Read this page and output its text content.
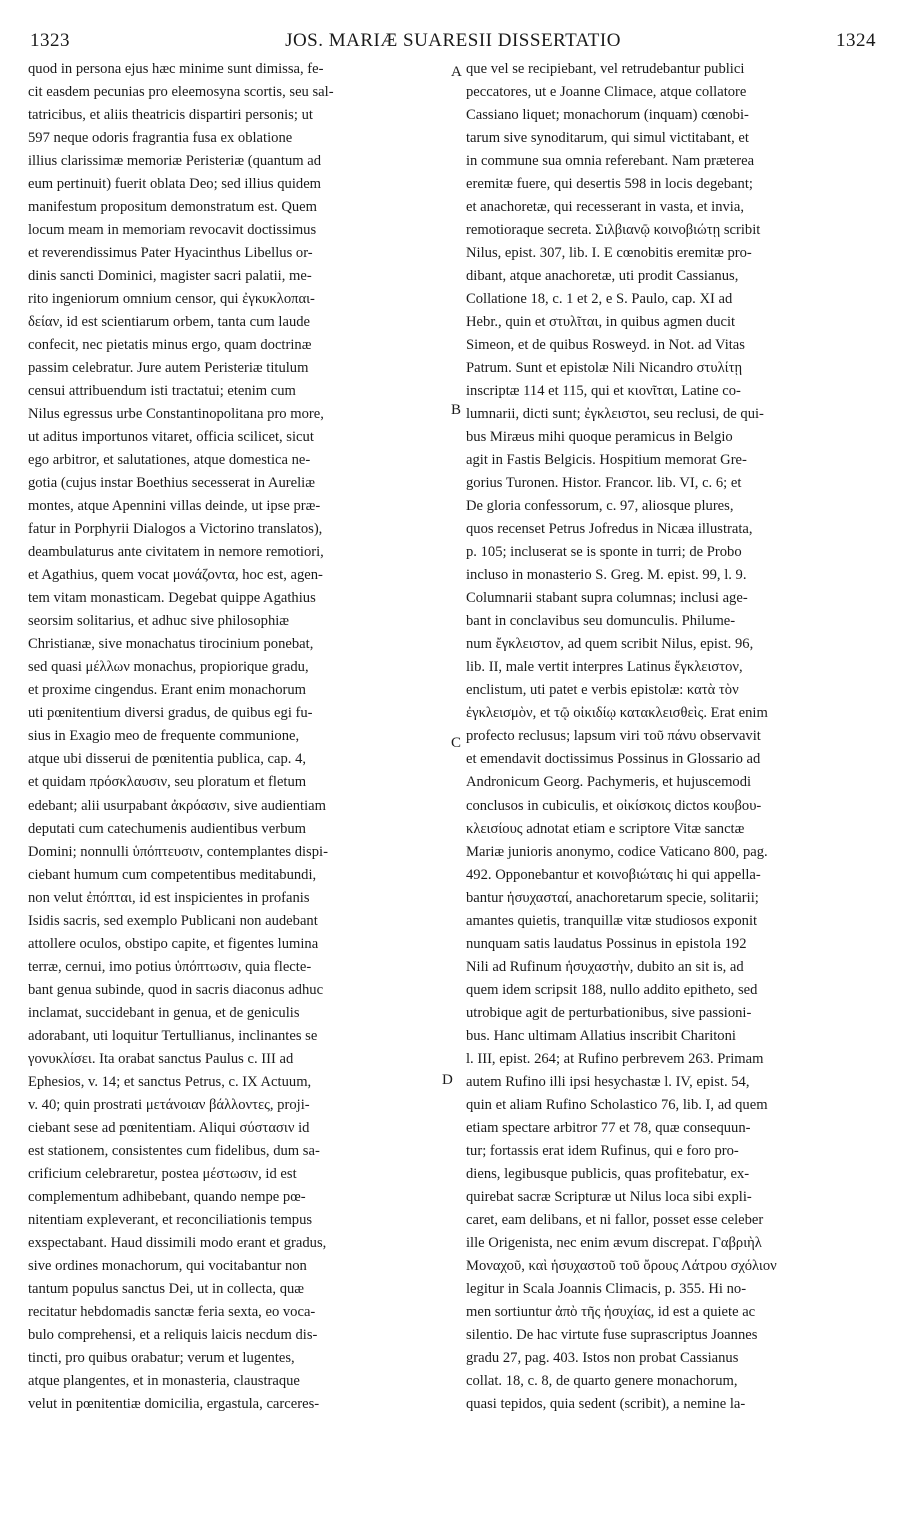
1323	JOS. MARIÆ SUARESII DISSERTATIO	1324
A
B
C
D
quod in persona ejus hæc minime sunt dimissa, fe-
cit easdem pecunias pro eleemosyna scortis, seu sal-
tatricibus, et aliis theatricis dispartiri personis; ut
597 neque odoris fragrantia fusa ex oblatione
illius clarissimæ memoriæ Peristeriæ (quantum ad
eum pertinuit) fuerit oblata Deo; sed illius quidem
manifestum propositum demonstratum est. Quem
locum meam in memoriam revocavit doctissimus
et reverendissimus Pater Hyacinthus Libellus or-
dinis sancti Dominici, magister sacri palatii, me-
rito ingeniorum omnium censor, qui ἐγκυκλοπαι-
δείαν, id est scientiarum orbem, tanta cum laude
confecit, nec pietatis minus ergo, quam doctrinæ
passim celebratur. Jure autem Peristeriæ titulum
censui attribuendum isti tractatui; etenim cum
Nilus egressus urbe Constantinopolitana pro more,
ut aditus importunos vitaret, officia scilicet, sicut
ego arbitror, et salutationes, atque domestica ne-
gotia (cujus instar Boethius secesserat in Aureliæ
montes, atque Apennini villas deinde, ut ipse præ-
fatur in Porphyrii Dialogos a Victorino translatos),
deambulaturus ante civitatem in nemore remotiori,
et Agathius, quem vocat μονάζοντα, hoc est, agen-
tem vitam monasticam. Degebat quippe Agathius
seorsim solitarius, et adhuc sive philosophiæ
Christianæ, sive monachatus tirocinium ponebat,
sed quasi μέλλων monachus, propiorique gradu,
et proxime cingendus. Erant enim monachorum
uti pœnitentium diversi gradus, de quibus egi fu-
sius in Exagio meo de frequente communione,
atque ubi disserui de pœnitentia publica, cap. 4,
et quidam πρόσκλαυσιν, seu ploratum et fletum
edebant; alii usurpabant ἀκρόασιν, sive audientiam
deputati cum catechumenis audientibus verbum
Domini; nonnulli ὑπόπτευσιν, contemplantes dispi-
ciebant humum cum competentibus meditabundi,
non velut ἐπόπται, id est inspicientes in profanis
Isidis sacris, sed exemplo Publicani non audebant
attollere oculos, obstipo capite, et figentes lumina
terræ, cernui, imo potius ὑπόπτωσιν, quia flecte-
bant genua subinde, quod in sacris diaconus adhuc
inclamat, succidebant in genua, et de geniculis
adorabant, uti loquitur Tertullianus, inclinantes se
γονυκλίσει. Ita orabat sanctus Paulus c. III ad
Ephesios, v. 14; et sanctus Petrus, c. IX Actuum,
v. 40; quin prostrati μετάνοιαν βάλλοντες, proji-
ciebant sese ad pœnitentiam. Aliqui σύστασιν id
est stationem, consistentes cum fidelibus, dum sa-
crificium celebraretur, postea μέστωσιν, id est
complementum adhibebant, quando nempe pœ-
nitentiam expleverant, et reconciliationis tempus
exspectabant. Haud dissimili modo erant et gradus,
sive ordines monachorum, qui vocitabantur non
tantum populus sanctus Dei, ut in collecta, quæ
recitatur hebdomadis sanctæ feria sexta, eo voca-
bulo comprehensi, et a reliquis laicis necdum dis-
tincti, pro quibus orabatur; verum et lugentes,
atque plangentes, et in monasteria, claustraque
velut in pœnitentiæ domicilia, ergastula, carceres-
que vel se recipiebant, vel retrudebantur publici
peccatores, ut e Joanne Climace, atque collatore
Cassiano liquet; monachorum (inquam) cœnobi-
tarum sive synoditarum, qui simul victitabant, et
in commune sua omnia referebant. Nam præterea
eremitæ fuere, qui desertis 598 in locis degebant;
et anachoretæ, qui recesserant in vasta, et invia,
remotioraque secreta. Σιλβιανῷ κοινοβιώτῃ scribit
Nilus, epist. 307, lib. I. E cœnobitis eremitæ pro-
dibant, atque anachoretæ, uti prodit Cassianus,
Collatione 18, c. 1 et 2, e S. Paulo, cap. XI ad
Hebr., quin et στυλῖται, in quibus agmen ducit
Simeon, et de quibus Rosweyd. in Not. ad Vitas
Patrum. Sunt et epistolæ Nili Nicandro στυλίτῃ
inscriptæ 114 et 115, qui et κιονῖται, Latine co-
lumnarii, dicti sunt; ἐγκλειστοι, seu reclusi, de qui-
bus Miræus mihi quoque peramicus in Belgio
agit in Fastis Belgicis. Hospitium memorat Gre-
gorius Turonen. Histor. Francor. lib. VI, c. 6; et
De gloria confessorum, c. 97, aliosque plures,
quos recenset Petrus Jofredus in Nicæa illustrata,
p. 105; incluserat se is sponte in turri; de Probo
incluso in monasterio S. Greg. M. epist. 99, l. 9.
Columnarii stabant supra columnas; inclusi age-
bant in conclavibus seu domunculis. Philume-
num ἔγκλειστον, ad quem scribit Nilus, epist. 96,
lib. II, male vertit interpres Latinus ἔγκλειστον,
enclistum, uti patet e verbis epistolæ: κατὰ τὸν
ἐγκλεισμὸν, et τῷ οἰκιδίῳ κατακλεισθεὶς. Erat enim
profecto reclusus; lapsum viri τοῦ πάνυ observavit
et emendavit doctissimus Possinus in Glossario ad
Andronicum Georg. Pachymeris, et hujuscemodi
conclusos in cubiculis, et οἰκίσκοις dictos κουβου-
κλεισίους adnotat etiam e scriptore Vitæ sanctæ
Mariæ junioris anonymo, codice Vaticano 800, pag.
492. Opponebantur et κοινοβιώταις hi qui appella-
bantur ἡσυχασταί, anachoretarum specie, solitarii;
amantes quietis, tranquillæ vitæ studiosos exponit
nunquam satis laudatus Possinus in epistola 192
Nili ad Rufinum ἡσυχαστὴν, dubito an sit is, ad
quem idem scripsit 188, nullo addito epitheto, sed
utrobique agit de perturbationibus, sive passioni-
bus. Hanc ultimam Allatius inscribit Charitoni
l. III, epist. 264; at Rufino perbrevem 263. Primam
autem Rufino illi ipsi hesychastæ l. IV, epist. 54,
quin et aliam Rufino Scholastico 76, lib. I, ad quem
etiam spectare arbitror 77 et 78, quæ consequun-
tur; fortassis erat idem Rufinus, qui e foro pro-
diens, legibusque publicis, quas profitebatur, ex-
quirebat sacræ Scripturæ ut Nilus loca sibi expli-
caret, eam delibans, et ni fallor, posset esse celeber
ille Origenista, nec enim ævum discrepat. Γαβριὴλ
Μοναχοῦ, καὶ ἡσυχαστοῦ τοῦ ὄρους Λάτρου σχόλιον
legitur in Scala Joannis Climacis, p. 355. Hi no-
men sortiuntur ἀπὸ τῆς ἡσυχίας, id est a quiete ac
silentio. De hac virtute fuse suprascriptus Joannes
gradu 27, pag. 403. Istos non probat Cassianus
collat. 18, c. 8, de quarto genere monachorum,
quasi tepidos, quia sedent (scribit), a nemine la-
